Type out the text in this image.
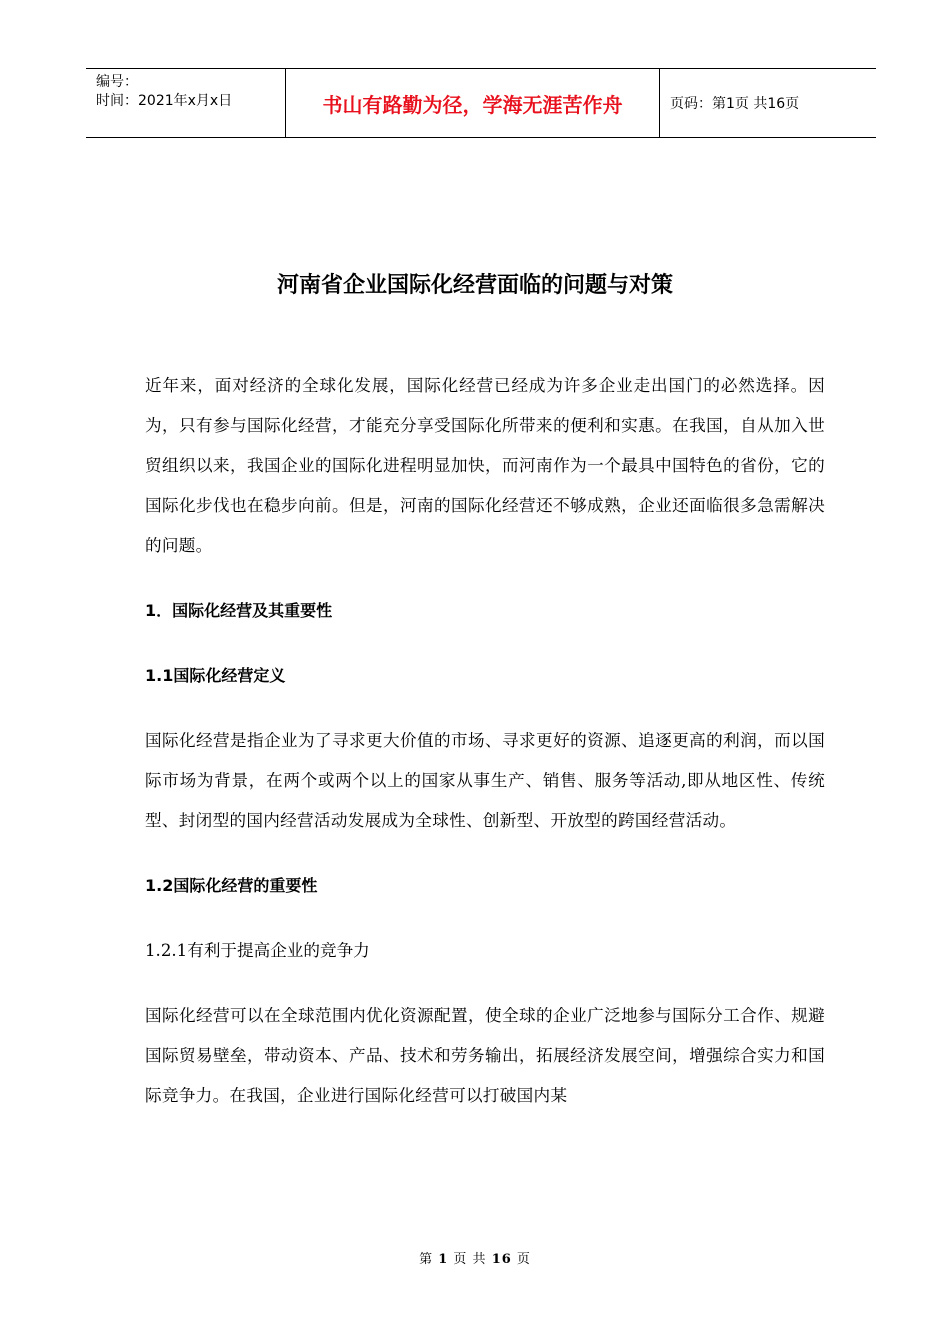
编号：
时间：2021年x月x日	书山有路勤为径，学海无涯苦作舟	页码：第1页 共16页
河南省企业国际化经营面临的问题与对策

近年来，面对经济的全球化发展，国际化经营已经成为许多企业走出国门的必然选择。因为，只有参与国际化经营，才能充分享受国际化所带来的便利和实惠。在我国，自从加入世贸组织以来，我国企业的国际化进程明显加快，而河南作为一个最具中国特色的省份，它的国际化步伐也在稳步向前。但是，河南的国际化经营还不够成熟，企业还面临很多急需解决的问题。

1．国际化经营及其重要性
1.1国际化经营定义

国际化经营是指企业为了寻求更大价值的市场、寻求更好的资源、追逐更高的利润，而以国际市场为背景，在两个或两个以上的国家从事生产、销售、服务等活动,即从地区性、传统型、封闭型的国内经营活动发展成为全球性、创新型、开放型的跨国经营活动。

1.2国际化经营的重要性
1.2.1有利于提高企业的竞争力

国际化经营可以在全球范围内优化资源配置，使全球的企业广泛地参与国际分工合作、规避国际贸易壁垒，带动资本、产品、技术和劳务输出，拓展经济发展空间，增强综合实力和国际竞争力。在我国，企业进行国际化经营可以打破国内某

第 1 页 共 16 页
